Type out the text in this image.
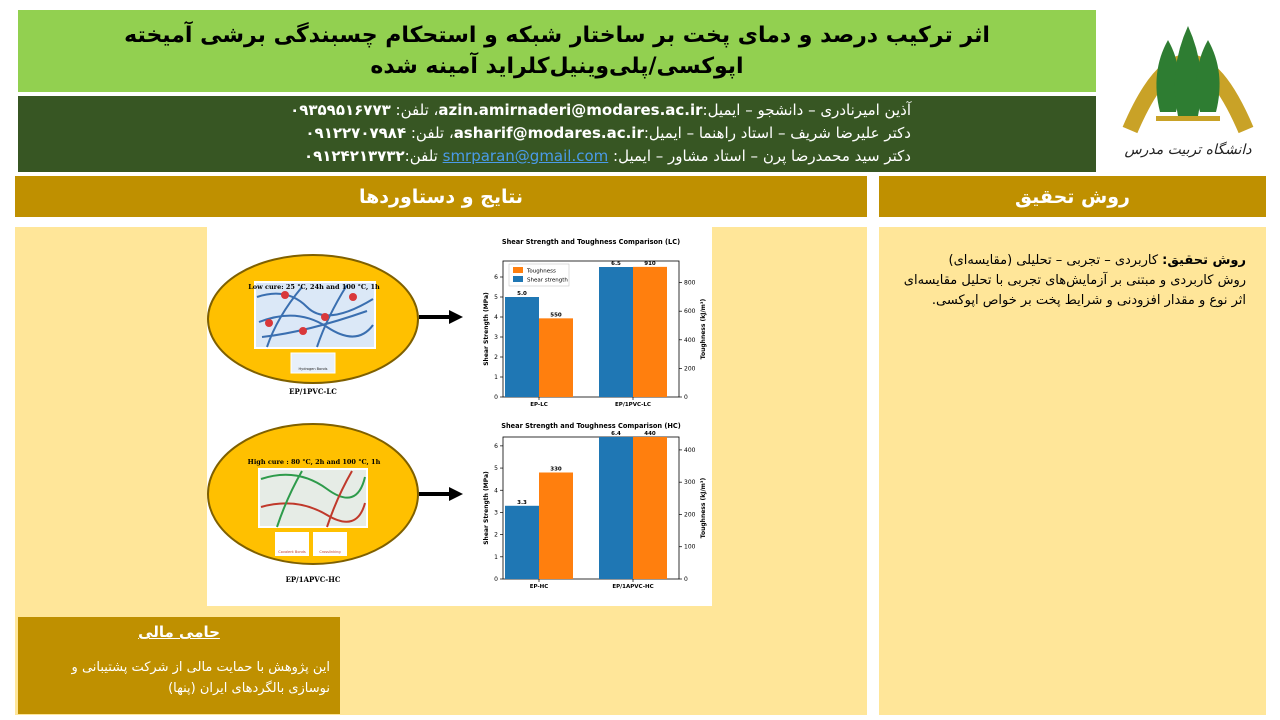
اثر ترکیب درصد و دمای پخت بر ساختار شبکه و استحکام چسبندگی برشی آمیخته
اپوکسی/پلی‌وینیل‌کلراید آمینه شده
آذین امیرنادری – دانشجو – ایمیل:azin.amirnaderi@modares.ac.ir، تلفن: ۰۹۳۵۹۵۱۶۷۷۳
دکتر علیرضا شریف – استاد راهنما – ایمیل:asharif@modares.ac.ir، تلفن: ۰۹۱۲۲۷۰۷۹۸۴
دکتر سید محمدرضا پرن – استاد مشاور – ایمیل: smrparan@gmail.com تلفن:۰۹۱۲۴۲۱۳۷۳۲	دانشگاه تربیت مدرس
نتایج و دستاوردها	روش تحقیق

روش تحقیق: کاربردی – تجربی – تحلیلی (مقایسه‌ای)

روش کاربردی و مبتنی بر آزمایش‌های تجربی با تحلیل مقایسه‌ای اثر نوع و مقدار افزودنی و شرایط پخت بر خواص اپوکسی.

Low cure: 25 °C, 24h and 100 °C, 1h
Hydrogen Bonds
EP/1PVC-LC
High cure : 80 °C, 2h and 100 °C, 1h
Covalent Bonds	Crosslinking
EP/1APVC-HC
Shear Strength and Toughness Comparison (LC)
0
1
2
3
4
5
6
0
200
400
600
800
Shear Strength (MPa)	Toughness (kJ/m³)
EP-LC
5.0
550
EP/1PVC-LC
6.5	910
Toughness
Shear strength
Shear Strength and Toughness Comparison (HC)
0
1
2
3
4
5
6
0
100
200
300
400
Shear Strength (MPa)	Toughness (kJ/m³)
EP-HC
3.3
330
EP/1APVC-HC
6.4	440
حامی مالی
این پژوهش با حمایت مالی از شرکت پشتیبانی و نوسازی بالگردهای ایران (پنها)
